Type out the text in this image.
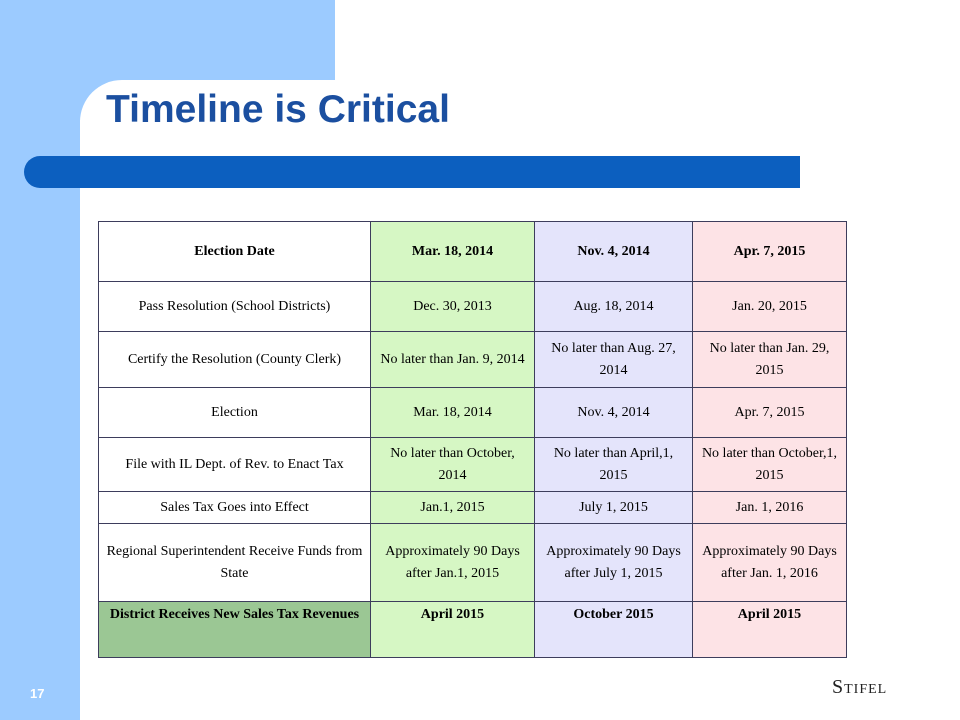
Timeline is Critical
Election Date	Mar. 18, 2014	Nov. 4, 2014	Apr. 7, 2015
Pass Resolution (School Districts)	Dec. 30, 2013	Aug. 18, 2014	Jan. 20, 2015
Certify the Resolution (County Clerk)	No later than Jan. 9, 2014	No later than Aug. 27, 2014	No later than Jan. 29, 2015
Election	Mar. 18, 2014	Nov. 4, 2014	Apr. 7, 2015
File with IL Dept. of Rev. to Enact Tax	No later than October, 2014	No later than April,1, 2015	No later than October,1, 2015
Sales Tax Goes into Effect	Jan.1, 2015	July 1, 2015	Jan. 1, 2016
Regional Superintendent Receive Funds from State	Approximately 90 Days after Jan.1, 2015	Approximately 90 Days after July 1, 2015	Approximately 90 Days after Jan. 1, 2016
District Receives New Sales Tax Revenues	April 2015	October 2015	April 2015
17	Stifel
